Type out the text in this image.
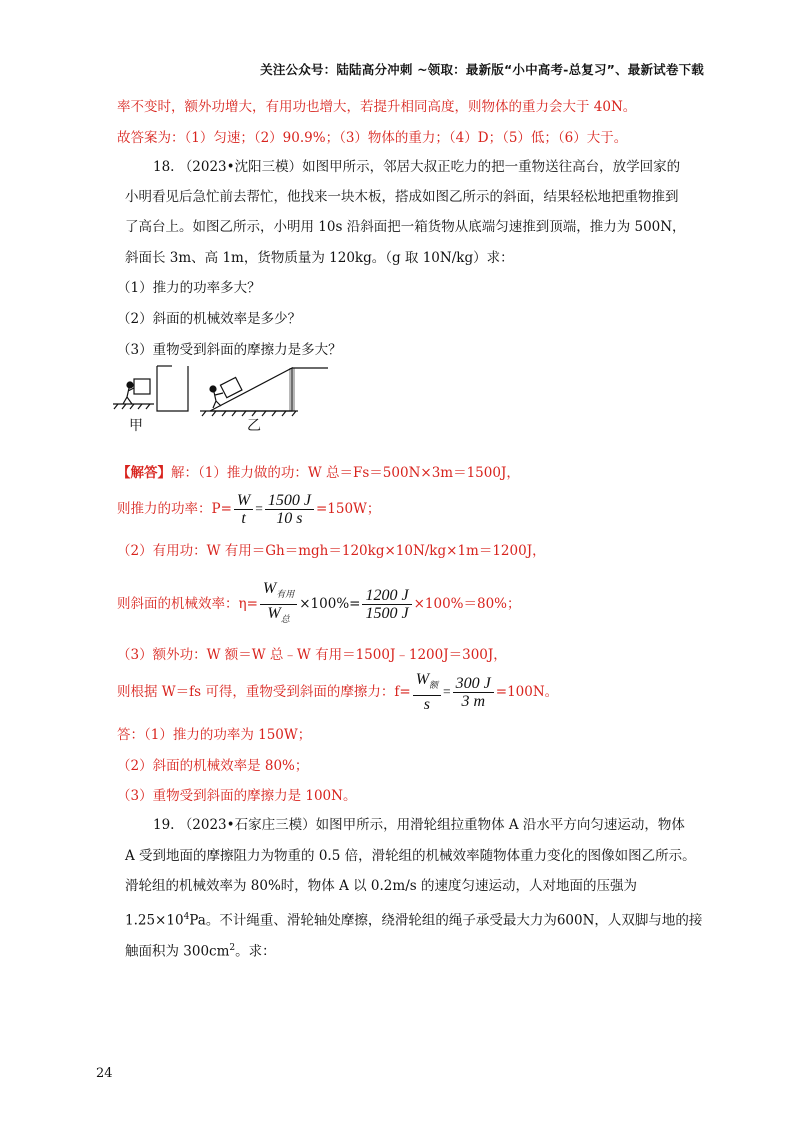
关注公众号：陆陆高分冲刺 ~领取：最新版“小中高考-总复习”、最新试卷下载
率不变时，额外功增大，有用功也增大，若提升相同高度，则物体的重力会大于 40N。
故答案为：（1）匀速；（2）90.9%；（3）物体的重力；（4）D；（5）低；（6）大于。
18. （2023•沈阳三模）如图甲所示，邻居大叔正吃力的把一重物送往高台，放学回家的
小明看见后急忙前去帮忙，他找来一块木板，搭成如图乙所示的斜面，结果轻松地把重物推到
了高台上。如图乙所示，小明用 10s 沿斜面把一箱货物从底端匀速推到顶端，推力为 500N，
斜面长 3m、高 1m，货物质量为 120kg。（g 取 10N/kg）求：
（1）推力的功率多大？
（2）斜面的机械效率是多少？
（3）重物受到斜面的摩擦力是多大？
甲	乙
【解答】解：（1）推力做的功：W 总＝Fs＝500N×3m＝1500J，
则推力的功率：$P= \frac{W}{t} = \frac{1500 J}{10 s} =150W$；
（2）有用功：W 有用＝Gh＝mgh＝120kg×10N/kg×1m＝1200J，
则斜面的机械效率：$\eta= \frac{W_{有用}}{W_总} \times 100\%= \frac{1200 J}{1500 J} \times 100\%=80\%$；
（3）额外功：W 额＝W 总﹣W 有用＝1500J﹣1200J＝300J，
则根据 W＝fs 可得，重物受到斜面的摩擦力：$f= \frac{W_额}{s} = \frac{300 J}{3 m} =100N$。
答：（1）推力的功率为 150W；
（2）斜面的机械效率是 80%；
（3）重物受到斜面的摩擦力是 100N。
19. （2023•石家庄三模）如图甲所示，用滑轮组拉重物体 A 沿水平方向匀速运动，物体
A 受到地面的摩擦阻力为物重的 0.5 倍，滑轮组的机械效率随物体重力变化的图像如图乙所示。
滑轮组的机械效率为 80%时，物体 A 以 0.2m/s 的速度匀速运动，人对地面的压强为
$1.25\times 10^4Pa$。不计绳重、滑轮轴处摩擦，绕滑轮组的绳子承受最大力为600N，人双脚与地的接
触面积为 $300cm^2$。求：
24
